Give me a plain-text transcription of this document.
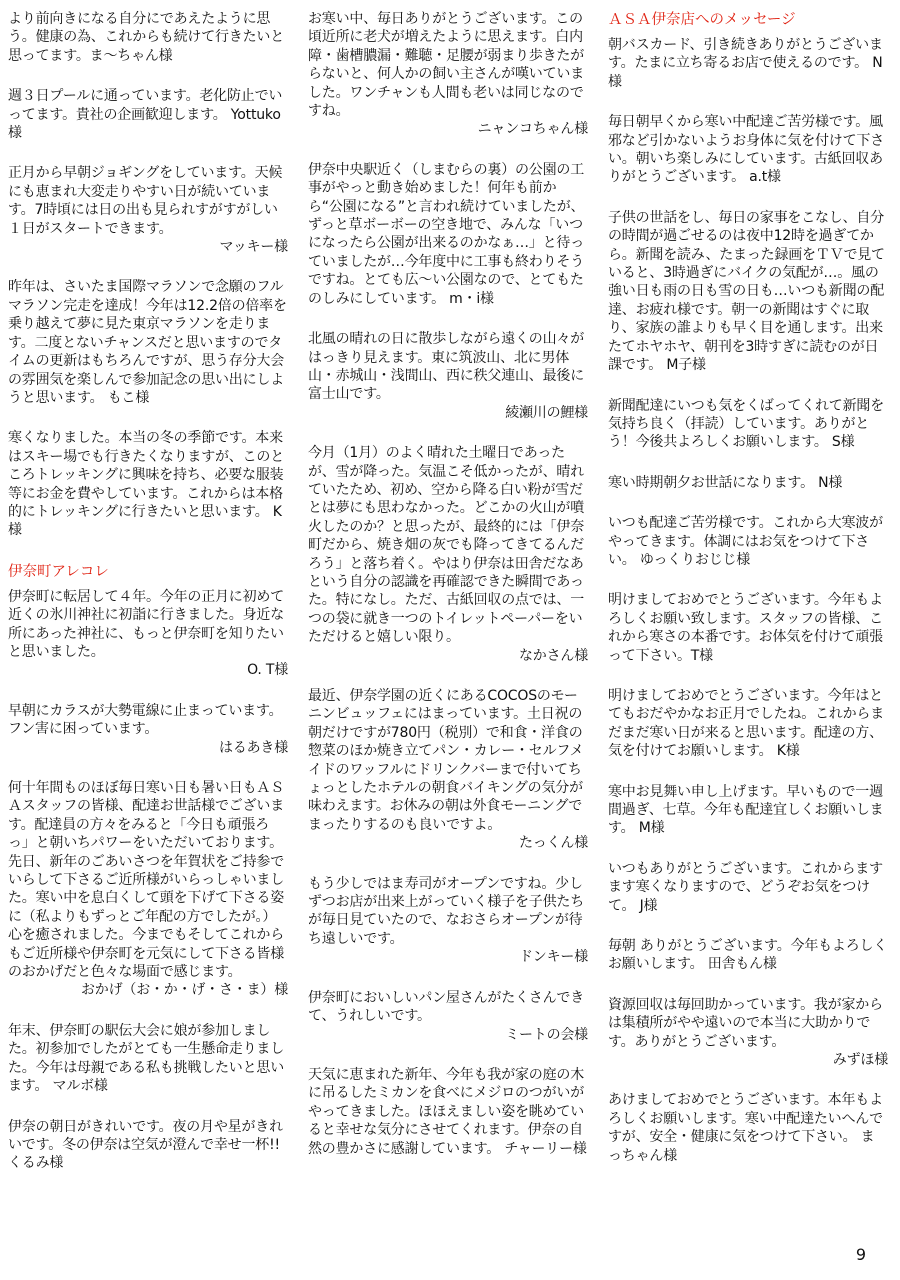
より前向きになる自分にであえたように思う。健康の為、これからも続けて行きたいと思ってます。ま〜ちゃん様

週３日プールに通っています。老化防止でいってます。貴社の企画歓迎します。 Yottuko様

正月から早朝ジョギングをしています。天候にも恵まれ大変走りやすい日が続いています。7時頃には日の出も見られすがすがしい１日がスタートできます。

マッキー様

昨年は、さいたま国際マラソンで念願のフルマラソン完走を達成！今年は12.2倍の倍率を乗り越えて夢に見た東京マラソンを走ります。二度とないチャンスだと思いますのでタイムの更新はもちろんですが、思う存分大会の雰囲気を楽しんで参加記念の思い出にしようと思います。 もこ様

寒くなりました。本当の冬の季節です。本来はスキー場でも行きたくなりますが、このところトレッキングに興味を持ち、必要な服装等にお金を費やしています。これからは本格的にトレッキングに行きたいと思います。 K様

伊奈町アレコレ

伊奈町に転居して４年。今年の正月に初めて近くの氷川神社に初詣に行きました。身近な所にあった神社に、もっと伊奈町を知りたいと思いました。

O. T様

早朝にカラスが大勢電線に止まっています。フン害に困っています。

はるあき様

何十年間ものほぼ毎日寒い日も暑い日もＡＳＡスタッフの皆様、配達お世話様でございます。配達員の方々をみると「今日も頑張ろっ」と朝いちパワーをいただいております。先日、新年のごあいさつを年賀状をご持参でいらして下さるご近所様がいらっしゃいました。寒い中を息白くして頭を下げて下さる姿に（私よりもずっとご年配の方でしたが。）心を癒されました。今までもそしてこれからもご近所様や伊奈町を元気にして下さる皆様のおかげだと色々な場面で感じます。

おかげ（お・か・げ・さ・ま）様

年末、伊奈町の駅伝大会に娘が参加しました。初参加でしたがとても一生懸命走りました。今年は母親である私も挑戦したいと思います。 マルボ様

伊奈の朝日がきれいです。夜の月や星がきれいです。冬の伊奈は空気が澄んで幸せ一杯!! くるみ様

お寒い中、毎日ありがとうございます。この頃近所に老犬が増えたように思えます。白内障・歯槽膿漏・難聴・足腰が弱まり歩きたがらないと、何人かの飼い主さんが嘆いていました。ワンチャンも人間も老いは同じなのですね。

ニャンコちゃん様

伊奈中央駅近く（しまむらの裏）の公園の工事がやっと動き始めました！何年も前から“公園になる”と言われ続けていましたが、ずっと草ボーボーの空き地で、みんな「いつになったら公園が出来るのかなぁ…」と待っていましたが…今年度中に工事も終わりそうですね。とても広〜い公園なので、とてもたのしみにしています。 m・i様

北風の晴れの日に散歩しながら遠くの山々がはっきり見えます。東に筑波山、北に男体山・赤城山・浅間山、西に秩父連山、最後に富士山です。

綾瀬川の鯉様

今月（1月）のよく晴れた土曜日であったが、雪が降った。気温こそ低かったが、晴れていたため、初め、空から降る白い粉が雪だとは夢にも思わなかった。どこかの火山が噴火したのか？と思ったが、最終的には「伊奈町だから、焼き畑の灰でも降ってきてるんだろう」と落ち着く。やはり伊奈は田舎だなあという自分の認識を再確認できた瞬間であった。特になし。ただ、古紙回収の点では、一つの袋に就き一つのトイレットペーパーをいただけると嬉しい限り。

なかさん様

最近、伊奈学園の近くにあるCOCOSのモーニンビュッフェにはまっています。土日祝の朝だけですが780円（税別）で和食・洋食の惣菜のほか焼き立てパン・カレー・セルフメイドのワッフルにドリンクバーまで付いてちょっとしたホテルの朝食バイキングの気分が味わえます。お休みの朝は外食モーニングでまったりするのも良いですよ。

たっくん様

もう少しではま寿司がオープンですね。少しずつお店が出来上がっていく様子を子供たちが毎日見ていたので、なおさらオープンが待ち遠しいです。

ドンキー様

伊奈町においしいパン屋さんがたくさんできて、うれしいです。

ミートの会様

天気に恵まれた新年、今年も我が家の庭の木に吊るしたミカンを食べにメジロのつがいがやってきました。ほほえましい姿を眺めていると幸せな気分にさせてくれます。伊奈の自然の豊かさに感謝しています。 チャーリー様

ＡＳＡ伊奈店へのメッセージ

朝バスカード、引き続きありがとうございます。たまに立ち寄るお店で使えるのです。 N様

毎日朝早くから寒い中配達ご苦労様です。風邪など引かないようお身体に気を付けて下さい。朝いち楽しみにしています。古紙回収ありがとうございます。 a.t様

子供の世話をし、毎日の家事をこなし、自分の時間が過ごせるのは夜中12時を過ぎてから。新聞を読み、たまった録画をＴＶで見ていると、3時過ぎにバイクの気配が…。風の強い日も雨の日も雪の日も…いつも新聞の配達、お疲れ様です。朝一の新聞はすぐに取り、家族の誰よりも早く目を通します。出来たてホヤホヤ、朝刊を3時すぎに読むのが日課です。 M子様

新聞配達にいつも気をくばってくれて新聞を気持ち良く（拝読）しています。ありがとう！今後共よろしくお願いします。 S様

寒い時期朝夕お世話になります。 N様

いつも配達ご苦労様です。これから大寒波がやってきます。体調にはお気をつけて下さい。 ゆっくりおじじ様

明けましておめでとうございます。今年もよろしくお願い致します。スタッフの皆様、これから寒さの本番です。お体気を付けて頑張って下さい。T様

明けましておめでとうございます。今年はとてもおだやかなお正月でしたね。これからまだまだ寒い日が来ると思います。配達の方、気を付けてお願いします。 K様

寒中お見舞い申し上げます。早いもので一週間過ぎ、七草。今年も配達宜しくお願いします。 M様

いつもありがとうございます。これからますます寒くなりますので、どうぞお気をつけて。 J様

毎朝 ありがとうございます。今年もよろしくお願いします。 田舎もん様

資源回収は毎回助かっています。我が家からは集積所がやや遠いので本当に大助かりです。ありがとうございます。

みずほ様

あけましておめでとうございます。本年もよろしくお願いします。寒い中配達たいへんですが、安全・健康に気をつけて下さい。 まっちゃん様

9
